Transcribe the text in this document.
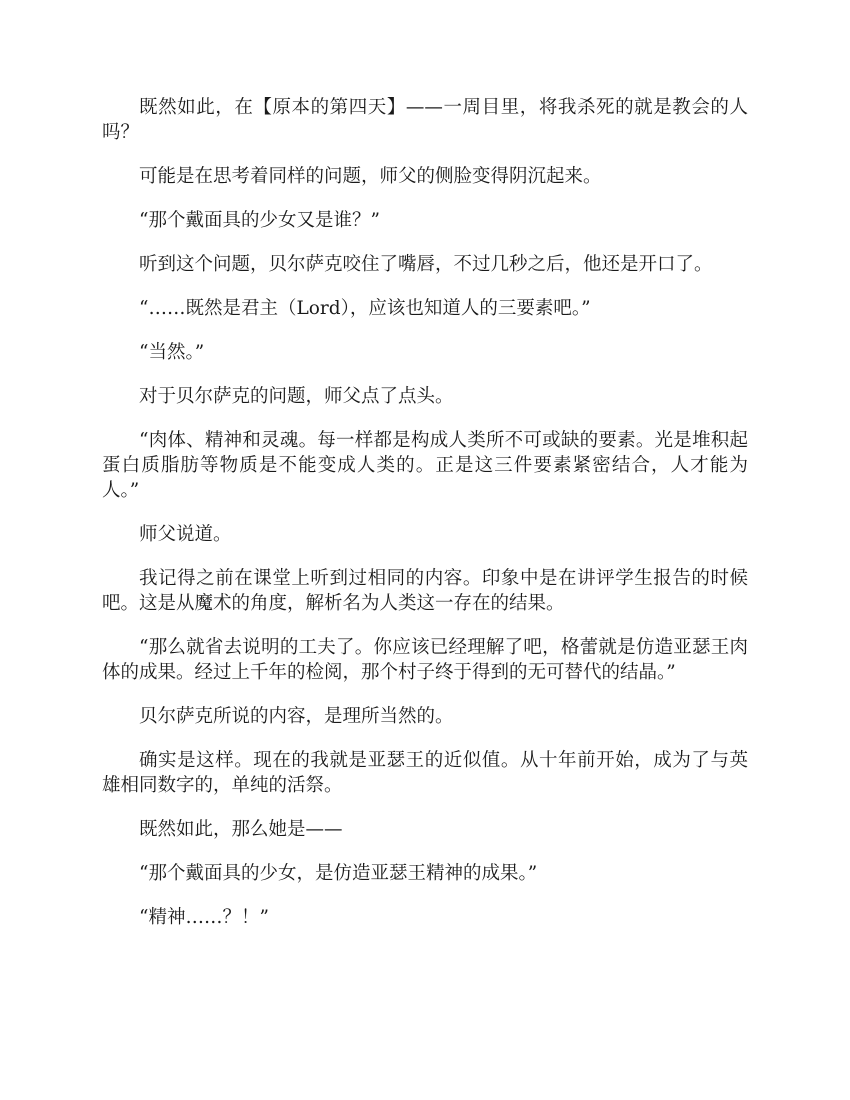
既然如此，在【原本的第四天】——一周目里，将我杀死的就是教会的人吗？

可能是在思考着同样的问题，师父的侧脸变得阴沉起来。

“那个戴面具的少女又是谁？”

听到这个问题，贝尔萨克咬住了嘴唇，不过几秒之后，他还是开口了。

“……既然是君主（Lord），应该也知道人的三要素吧。”

“当然。”

对于贝尔萨克的问题，师父点了点头。

“肉体、精神和灵魂。每一样都是构成人类所不可或缺的要素。光是堆积起蛋白质脂肪等物质是不能变成人类的。正是这三件要素紧密结合，人才能为人。”

师父说道。

我记得之前在课堂上听到过相同的内容。印象中是在讲评学生报告的时候吧。这是从魔术的角度，解析名为人类这一存在的结果。

“那么就省去说明的工夫了。你应该已经理解了吧，格蕾就是仿造亚瑟王肉体的成果。经过上千年的检阅，那个村子终于得到的无可替代的结晶。”

贝尔萨克所说的内容，是理所当然的。

确实是这样。现在的我就是亚瑟王的近似值。从十年前开始，成为了与英雄相同数字的，单纯的活祭。

既然如此，那么她是——

“那个戴面具的少女，是仿造亚瑟王精神的成果。”

“精神……？！”
